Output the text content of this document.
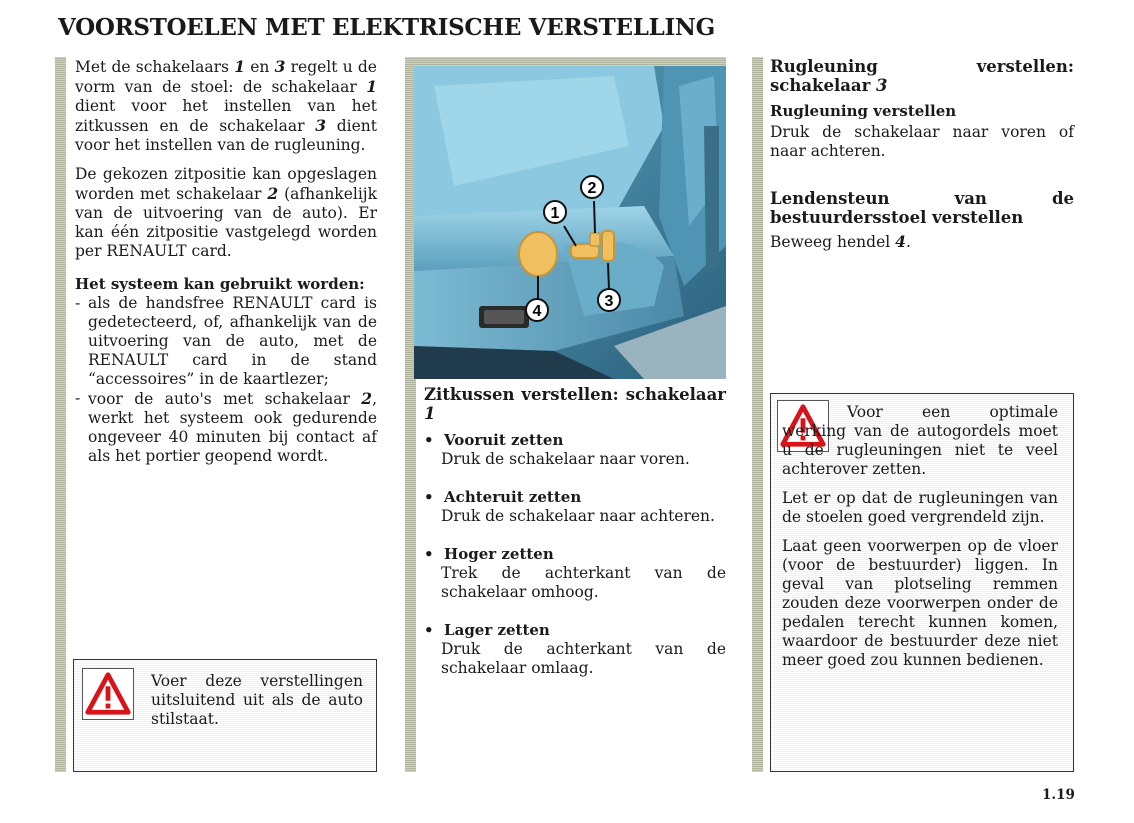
VOORSTOELEN MET ELEKTRISCHE VERSTELLING

Met de schakelaars 1 en 3 regelt u de vorm van de stoel: de schakelaar 1 dient voor het instellen van het zitkussen en de schakelaar 3 dient voor het instellen van de rugleuning.

De gekozen zitpositie kan opgeslagen worden met schakelaar 2 (afhankelijk van de uitvoering van de auto). Er kan één zitpositie vastgelegd worden per RENAULT card.

Het systeem kan gebruikt worden:
- als de handsfree RENAULT card is gedetecteerd, of, afhankelijk van de uitvoering van de auto, met de RENAULT card in de stand “accessoires” in de kaartlezer;
- voor de auto's met schakelaar 2, werkt het systeem ook gedurende ongeveer 40 minuten bij contact af als het portier geopend wordt.
Voer deze verstellingen uitsluitend uit als de auto stilstaat.
1
2
3
4
Zitkussen verstellen: schakelaar 1
•  Vooruit zetten
Druk de schakelaar naar voren.
•  Achteruit zetten
Druk de schakelaar naar achteren.
•  Hoger zetten
Trek de achterkant van de schakelaar omhoog.
•  Lager zetten
Druk de achterkant van de schakelaar omlaag.
Rugleuning verstellen: schakelaar 3
Rugleuning verstellen

Druk de schakelaar naar voren of naar achteren.

Lendensteun van de bestuurdersstoel verstellen

Beweeg hendel 4.

Voor een optimale werking van de autogordels moet u de rugleuningen niet te veel achterover zetten.

Let er op dat de rugleuningen van de stoelen goed vergrendeld zijn.

Laat geen voorwerpen op de vloer (voor de bestuurder) liggen. In geval van plotseling remmen zouden deze voorwerpen onder de pedalen terecht kunnen komen, waardoor de bestuurder deze niet meer goed zou kunnen bedienen.

1.19
